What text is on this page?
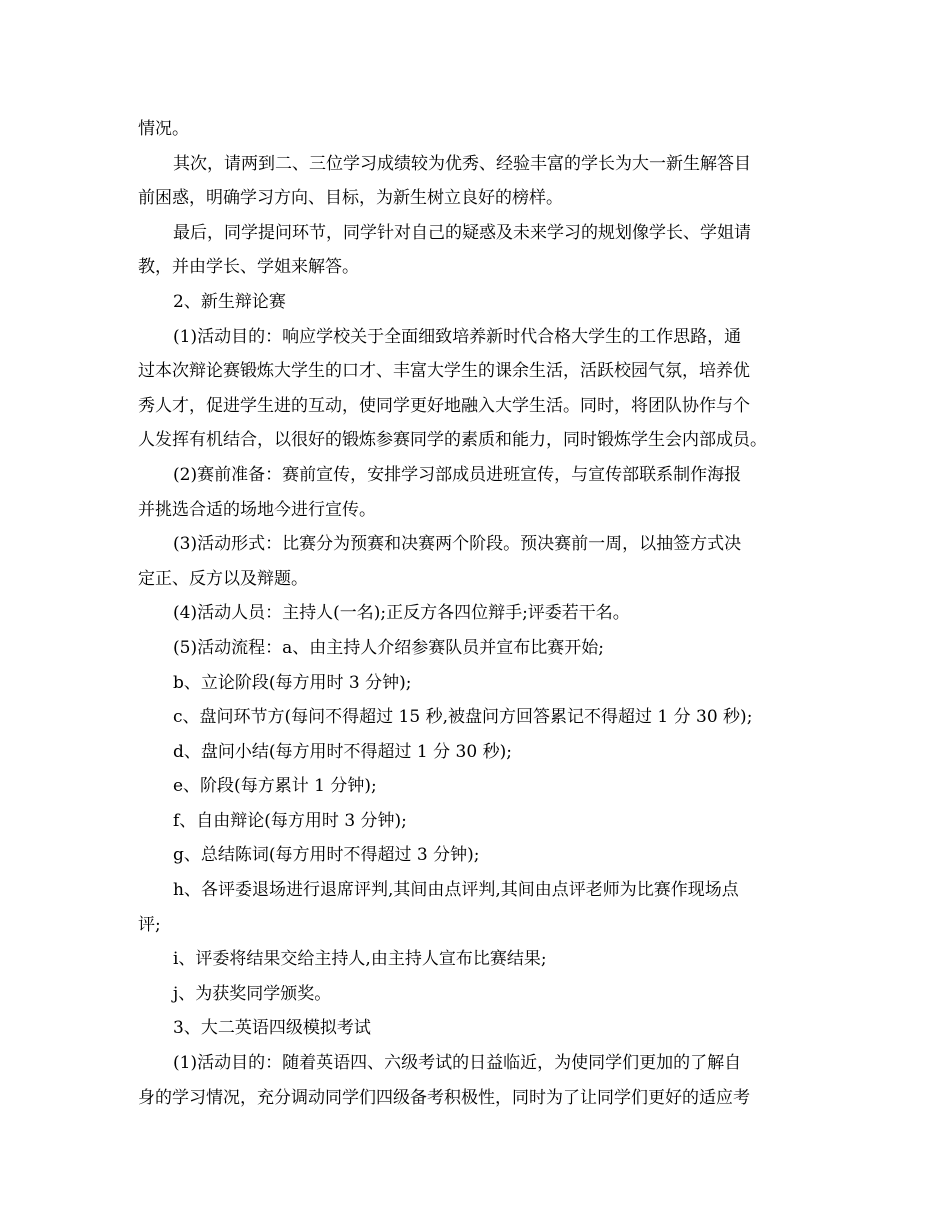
情况。
其次，请两到二、三位学习成绩较为优秀、经验丰富的学长为大一新生解答目
前困惑，明确学习方向、目标，为新生树立良好的榜样。
最后，同学提问环节，同学针对自己的疑惑及未来学习的规划像学长、学姐请
教，并由学长、学姐来解答。
2、新生辩论赛
(1)活动目的：响应学校关于全面细致培养新时代合格大学生的工作思路，通
过本次辩论赛锻炼大学生的口才、丰富大学生的课余生活，活跃校园气氛，培养优
秀人才，促进学生进的互动，使同学更好地融入大学生活。同时，将团队协作与个
人发挥有机结合，以很好的锻炼参赛同学的素质和能力，同时锻炼学生会内部成员。
(2)赛前准备：赛前宣传，安排学习部成员进班宣传，与宣传部联系制作海报
并挑选合适的场地今进行宣传。
(3)活动形式：比赛分为预赛和决赛两个阶段。预决赛前一周，以抽签方式决
定正、反方以及辩题。
(4)活动人员：主持人(一名);正反方各四位辩手;评委若干名。
(5)活动流程：a、由主持人介绍参赛队员并宣布比赛开始;
b、立论阶段(每方用时 3 分钟);
c、盘问环节方(每问不得超过 15 秒,被盘问方回答累记不得超过 1 分 30 秒);
d、盘问小结(每方用时不得超过 1 分 30 秒);
e、阶段(每方累计 1 分钟);
f、自由辩论(每方用时 3 分钟);
g、总结陈词(每方用时不得超过 3 分钟);
h、各评委退场进行退席评判,其间由点评判,其间由点评老师为比赛作现场点
评;
i、评委将结果交给主持人,由主持人宣布比赛结果;
j、为获奖同学颁奖。
3、大二英语四级模拟考试
(1)活动目的：随着英语四、六级考试的日益临近，为使同学们更加的了解自
身的学习情况，充分调动同学们四级备考积极性，同时为了让同学们更好的适应考
